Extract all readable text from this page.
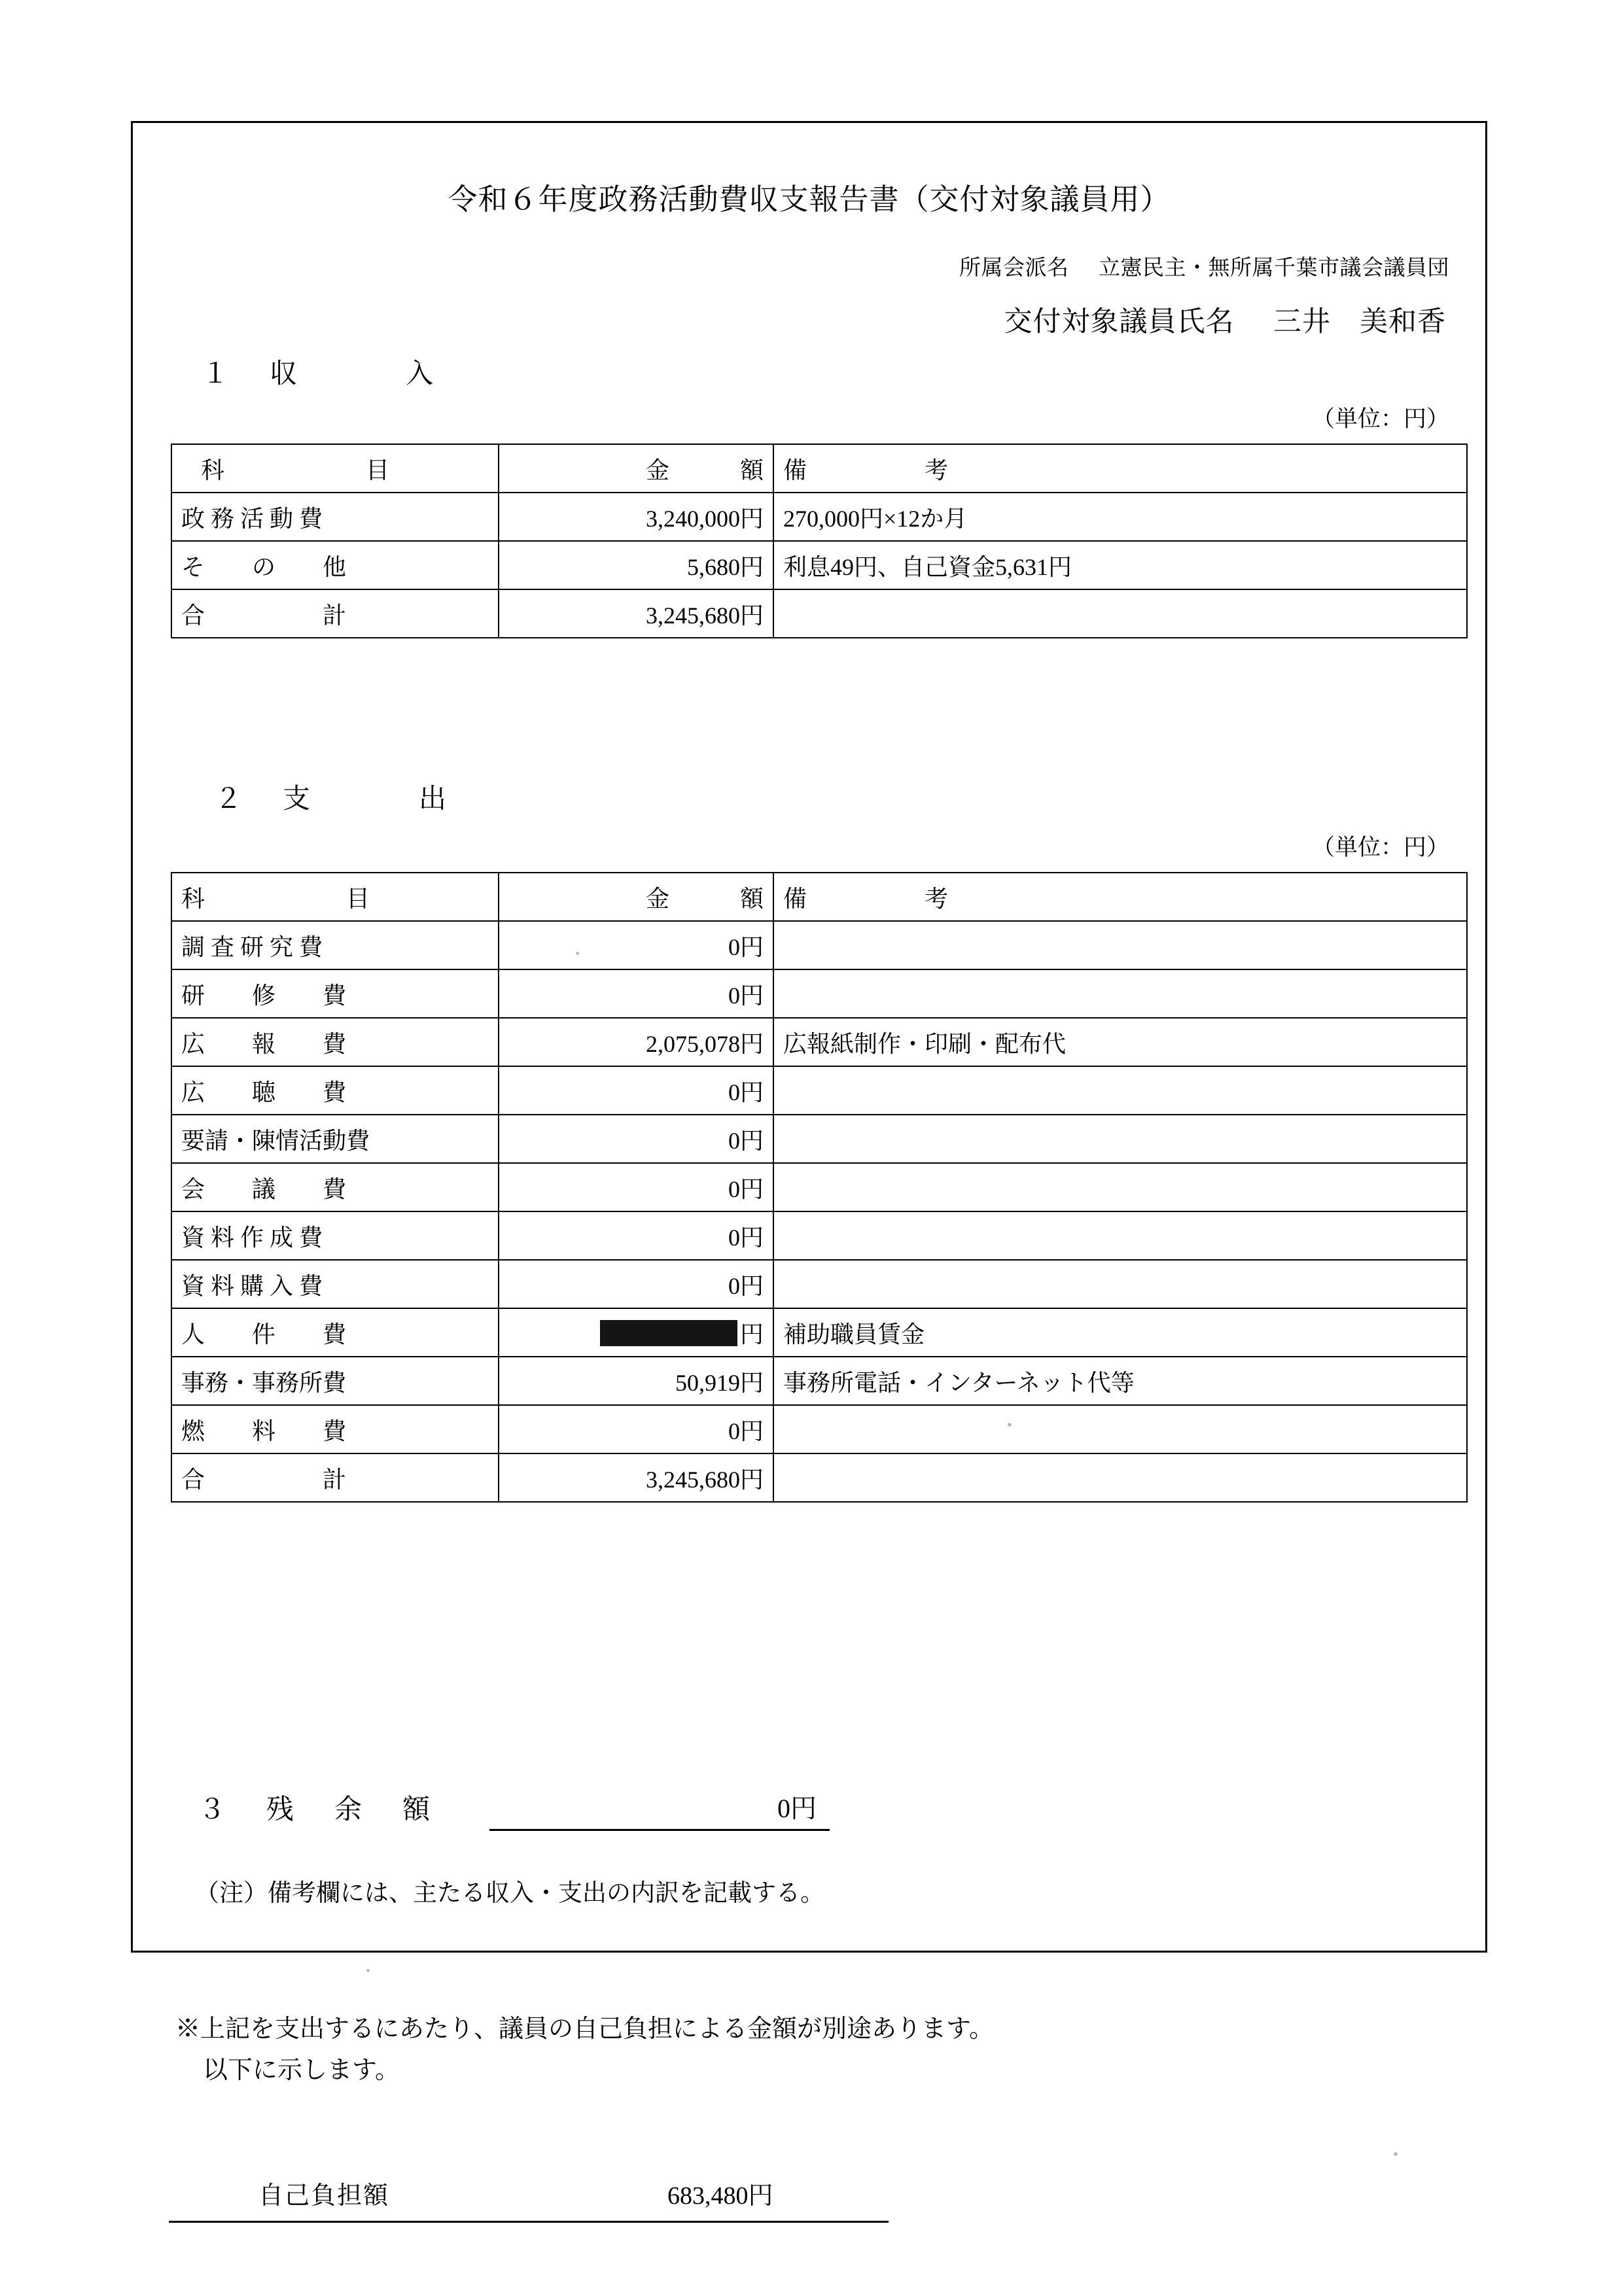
令和６年度政務活動費収支報告書（交付対象議員用）
所属会派名 立憲民主・無所属千葉市議会議員団
交付対象議員氏名 三井　美和香
１　収　　　入
（単位：円）
科　　　　　　目	金　　　額	備　　　　　考
政 務 活 動 費	3,240,000円	270,000円×12か月
そ　　の　　他	5,680円	利息49円、自己資金5,631円
合　　　　　計	3,245,680円	
２　支　　　出
（単位：円）
科　　　　　　目	金　　　額	備　　　　　考
調 査 研 究 費	0円	
研　　修　　費	0円	
広　　報　　費	2,075,078円	広報紙制作・印刷・配布代
広　　聴　　費	0円	
要請・陳情活動費	0円	
会　　議　　費	0円	
資 料 作 成 費	0円	
資 料 購 入 費	0円	
人　　件　　費	円	補助職員賃金
事務・事務所費	50,919円	事務所電話・インターネット代等
燃　　料　　費	0円	
合　　　　　計	3,245,680円	
３　残　余　額	0円
（注）備考欄には、主たる収入・支出の内訳を記載する。
※上記を支出するにあたり、議員の自己負担による金額が別途あります。
以下に示します。
自己負担額	683,480円
